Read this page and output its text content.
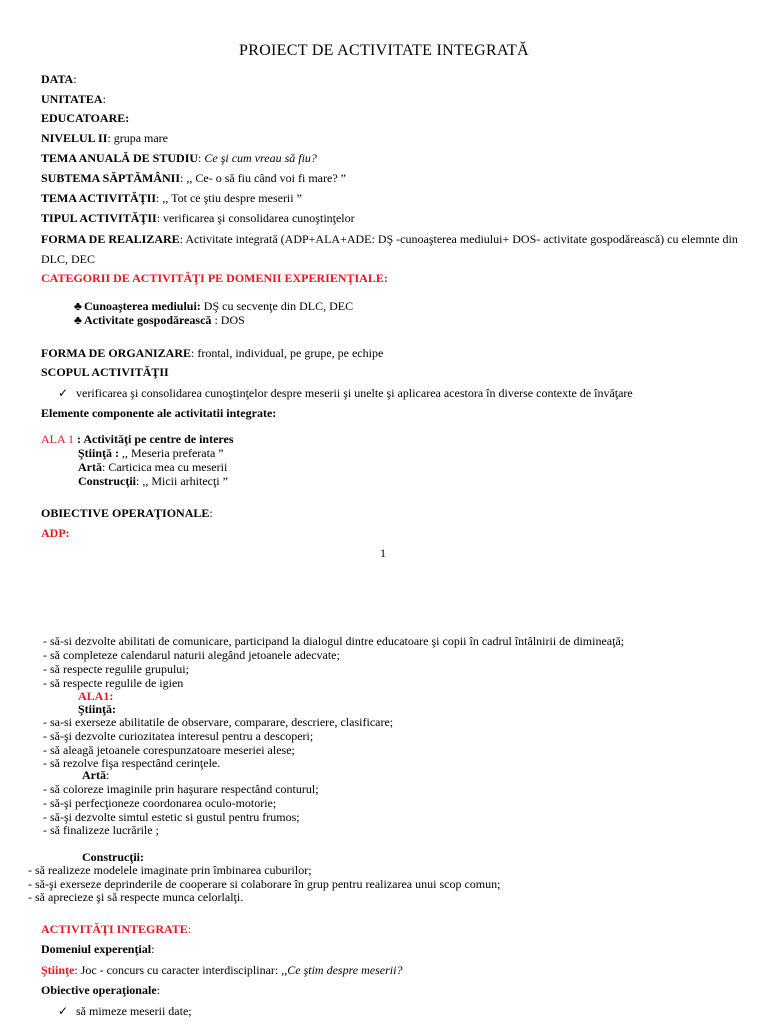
PROIECT DE ACTIVITATE INTEGRATĂ
DATA:
UNITATEA:
EDUCATOARE:
NIVELUL II: grupa mare
TEMA ANUALĂ DE STUDIU: Ce şi cum vreau să fiu?
SUBTEMA SĂPTĂMÂNII: ,, Ce- o să fiu când voi fi mare? ”
TEMA ACTIVITĂŢII: ,, Tot ce ştiu despre meserii ”
TIPUL ACTIVITĂŢII: verificarea şi consolidarea cunoştinţelor
FORMA DE REALIZARE: Activitate integrată (ADP+ALA+ADE: DŞ -cunoaşterea mediului+ DOS- activitate gospodărească) cu elemnte din
DLC, DEC
CATEGORII DE ACTIVITĂŢI PE DOMENII EXPERIENŢIALE:
♣ Cunoaşterea mediului: DŞ cu secvenţe din DLC, DEC
♣ Activitate gospodărească : DOS
FORMA DE ORGANIZARE: frontal, individual, pe grupe, pe echipe
SCOPUL ACTIVITĂŢII
✓ verificarea şi consolidarea cunoştinţelor despre meserii şi unelte şi aplicarea acestora în diverse contexte de învăţare
Elemente componente ale activitatii integrate:
ALA 1 : Activităţi pe centre de interes
Ştiinţă : ,, Meseria preferata ”
Artă: Carticica mea cu meserii
Construcţii: ,, Micii arhitecţi ”
OBIECTIVE OPERAŢIONALE:
ADP:
1
- să-si dezvolte abilitati de comunicare, participand la dialogul dintre educatoare şi copii în cadrul întâlnirii de dimineaţă;
- să completeze calendarul naturii alegând jetoanele adecvate;
- să respecte regulile grupului;
- să respecte regulile de igien
ALA1:
Ştiinţă:
- sa-si exerseze abilitatile de observare, comparare, descriere, clasificare;
- să-şi dezvolte curiozitatea interesul pentru a descoperi;
- să aleagă jetoanele corespunzatoare meseriei alese;
- să rezolve fişa respectând cerinţele.
Artă:
- să coloreze imaginile prin haşurare respectând conturul;
- să-şi perfecţioneze coordonarea oculo-motorie;
- să-şi dezvolte simtul estetic si gustul pentru frumos;
- să finalizeze lucrările ;
Construcţii:
- să realizeze modelele imaginate prin îmbinarea cuburilor;
- să-şi exerseze deprinderile de cooperare si colaborare în grup pentru realizarea unui scop comun;
- să aprecieze şi să respecte munca celorlalţi.
ACTIVITĂŢI INTEGRATE:
Domeniul experenţial:
Ştiinţe: Joc - concurs cu caracter interdisciplinar: ,,Ce ştim despre meserii?
Obiective operaţionale:
✓ să mimeze meserii date;
